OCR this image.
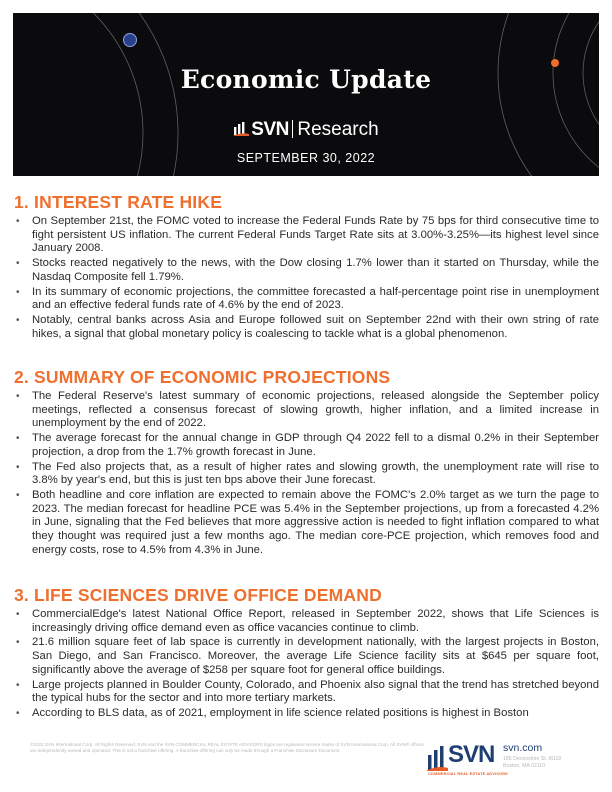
Economic Update
SVN Research
SEPTEMBER 30, 2022
1. INTEREST RATE HIKE
• On September 21st, the FOMC voted to increase the Federal Funds Rate by 75 bps for third consecutive time to fight persistent US inflation. The current Federal Funds Target Rate sits at 3.00%-3.25%—its highest level since January 2008.
• Stocks reacted negatively to the news, with the Dow closing 1.7% lower than it started on Thursday, while the Nasdaq Composite fell 1.79%.
• In its summary of economic projections, the committee forecasted a half-percentage point rise in unemployment and an effective federal funds rate of 4.6% by the end of 2023.
• Notably, central banks across Asia and Europe followed suit on September 22nd with their own string of rate hikes, a signal that global monetary policy is coalescing to tackle what is a global phenomenon.
2. SUMMARY OF ECONOMIC PROJECTIONS
• The Federal Reserve's latest summary of economic projections, released alongside the September policy meetings, reflected a consensus forecast of slowing growth, higher inflation, and a limited increase in unemployment by the end of 2022.
• The average forecast for the annual change in GDP through Q4 2022 fell to a dismal 0.2% in their September projection, a drop from the 1.7% growth forecast in June.
• The Fed also projects that, as a result of higher rates and slowing growth, the unemployment rate will rise to 3.8% by year's end, but this is just ten bps above their June forecast.
• Both headline and core inflation are expected to remain above the FOMC's 2.0% target as we turn the page to 2023. The median forecast for headline PCE was 5.4% in the September projections, up from a forecasted 4.2% in June, signaling that the Fed believes that more aggressive action is needed to fight inflation compared to what they thought was required just a few months ago. The median core-PCE projection, which removes food and energy costs, rose to 4.5% from 4.3% in June.
3. LIFE SCIENCES DRIVE OFFICE DEMAND
• CommercialEdge's latest National Office Report, released in September 2022, shows that Life Sciences is increasingly driving office demand even as office vacancies continue to climb.
• 21.6 million square feet of lab space is currently in development nationally, with the largest projects in Boston, San Diego, and San Francisco. Moreover, the average Life Science facility sits at $645 per square foot, significantly above the average of $258 per square foot for general office buildings.
• Large projects planned in Boulder County, Colorado, and Phoenix also signal that the trend has stretched beyond the typical hubs for the sector and into more tertiary markets.
• According to BLS data, as of 2021, employment in life science related positions is highest in Boston
©2022 SVN International Corp. All Rights Reserved. SVN and the SVN COMMERCIAL REAL ESTATE ADVISORS logos are registered service marks of SVN International Corp. All SVN® offices are independently owned and operated. This is not a franchise offering. A franchise offering can only be made through a Franchise Disclosure Document.	SVN
COMMERCIAL REAL ESTATE ADVISORS
svn.com
185 Devonshire St. M102
Boston, MA 02110
